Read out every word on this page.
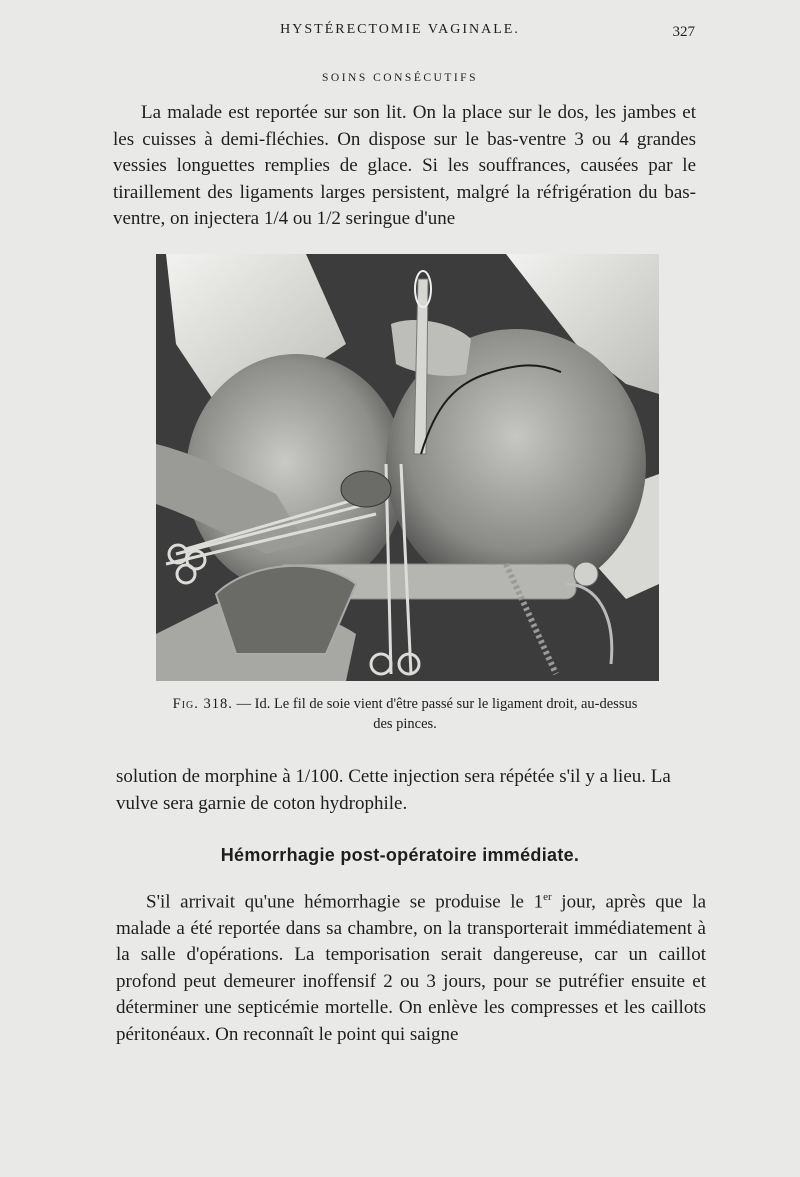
HYSTÉRECTOMIE VAGINALE.	327
SOINS CONSÉCUTIFS

La malade est reportée sur son lit. On la place sur le dos, les jambes et les cuisses à demi-fléchies. On dispose sur le bas-ventre 3 ou 4 grandes vessies longuettes remplies de glace. Si les souffrances, causées par le tiraillement des ligaments larges persistent, malgré la réfrigération du bas-ventre, on injectera 1/4 ou 1/2 seringue d'une

Fig. 318. — Id. Le fil de soie vient d'être passé sur le ligament droit, au-dessus des pinces.

solution de morphine à 1/100. Cette injection sera répétée s'il y a lieu. La vulve sera garnie de coton hydrophile.

Hémorrhagie post-opératoire immédiate.

S'il arrivait qu'une hémorrhagie se produise le 1er jour, après que la malade a été reportée dans sa chambre, on la transporterait immédiatement à la salle d'opérations. La temporisation serait dangereuse, car un caillot profond peut demeurer inoffensif 2 ou 3 jours, pour se putréfier ensuite et déterminer une septicémie mortelle. On enlève les compresses et les caillots péritonéaux. On reconnaît le point qui saigne
